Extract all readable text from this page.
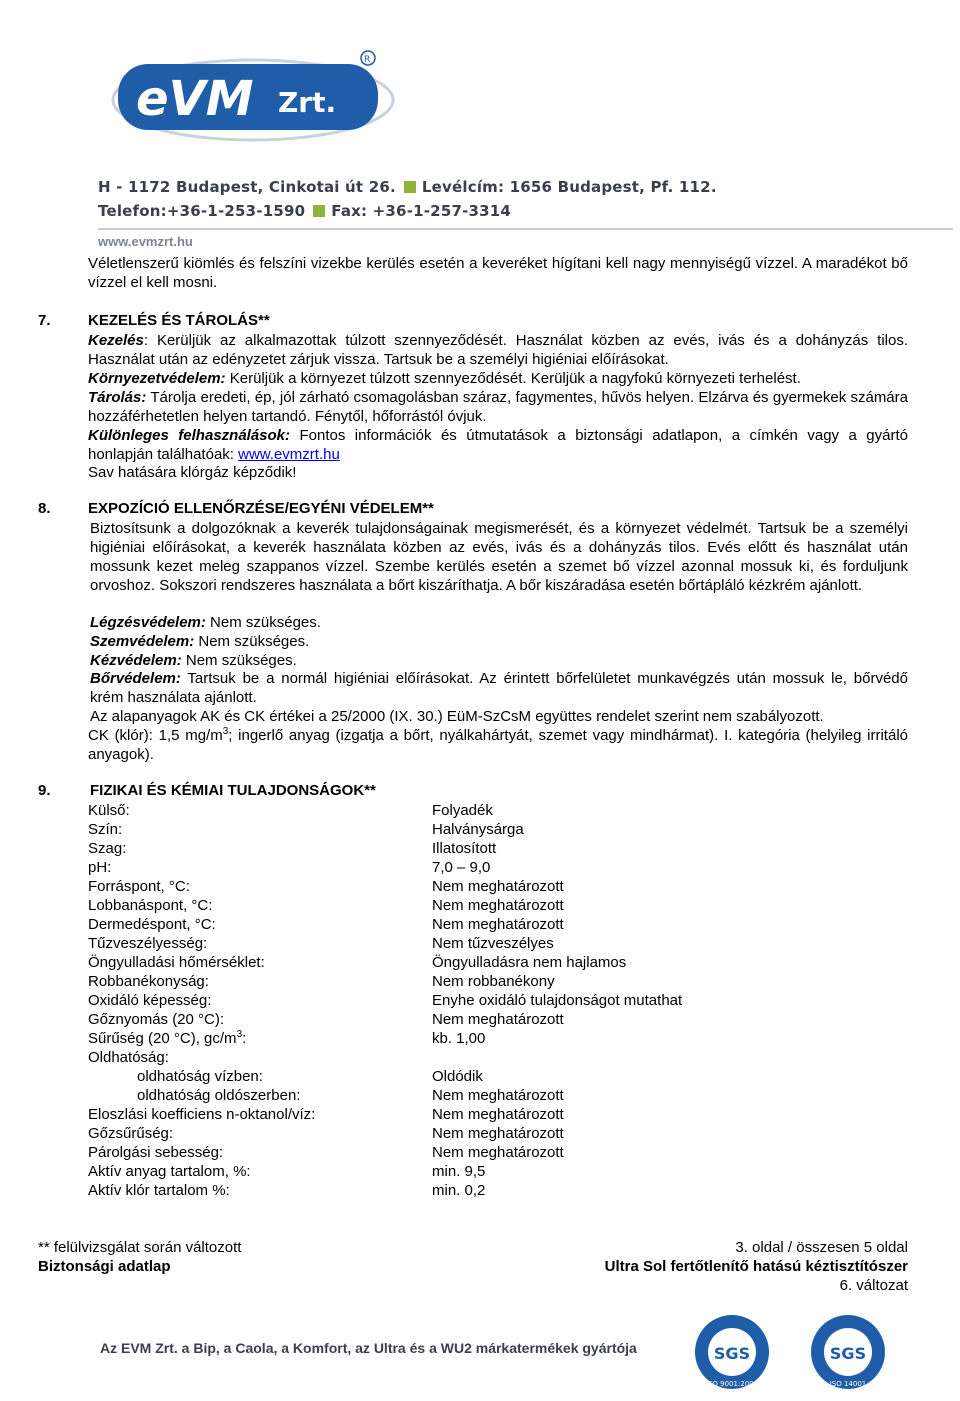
eVM Zrt.
R
H - 1172 Budapest, Cinkotai út 26. Levélcím: 1656 Budapest, Pf. 112.
Telefon:+36-1-253-1590 Fax: +36-1-257-3314
www.evmzrt.hu
Véletlenszerű kiömlés és felszíni vizekbe kerülés esetén a keveréket hígítani kell nagy mennyiségű vízzel. A maradékot bő vízzel el kell mosni.
7. KEZELÉS ÉS TÁROLÁS**
Kezelés: Kerüljük az alkalmazottak túlzott szennyeződését. Használat közben az evés, ivás és a dohányzás tilos. Használat után az edényzetet zárjuk vissza. Tartsuk be a személyi higiéniai előírásokat.
Környezetvédelem: Kerüljük a környezet túlzott szennyeződését. Kerüljük a nagyfokú környezeti terhelést.
Tárolás: Tárolja eredeti, ép, jól zárható csomagolásban száraz, fagymentes, hűvös helyen. Elzárva és gyermekek számára hozzáférhetetlen helyen tartandó. Fénytől, hőforrástól óvjuk.
Különleges felhasználások: Fontos információk és útmutatások a biztonsági adatlapon, a címkén vagy a gyártó honlapján találhatóak: www.evmzrt.hu
Sav hatására klórgáz képződik!
8. EXPOZÍCIÓ ELLENŐRZÉSE/EGYÉNI VÉDELEM**
Biztosítsunk a dolgozóknak a keverék tulajdonságainak megismerését, és a környezet védelmét. Tartsuk be a személyi higiéniai előírásokat, a keverék használata közben az evés, ivás és a dohányzás tilos. Evés előtt és használat után mossunk kezet meleg szappanos vízzel. Szembe kerülés esetén a szemet bő vízzel azonnal mossuk ki, és forduljunk orvoshoz. Sokszori rendszeres használata a bőrt kiszáríthatja. A bőr kiszáradása esetén bőrtápláló kézkrém ajánlott.
Légzésvédelem: Nem szükséges.
Szemvédelem: Nem szükséges.
Kézvédelem: Nem szükséges.
Bőrvédelem: Tartsuk be a normál higiéniai előírásokat. Az érintett bőrfelületet munkavégzés után mossuk le, bőrvédő krém használata ajánlott.
Az alapanyagok AK és CK értékei a 25/2000 (IX. 30.) EüM-SzCsM együttes rendelet szerint nem szabályozott.
CK (klór): 1,5 $mg/m^3$; ingerlő anyag (izgatja a bőrt, nyálkahártyát, szemet vagy mindhármat). I. kategória (helyileg irritáló anyagok).
9.	FIZIKAI ÉS KÉMIAI TULAJDONSÁGOK**
Külső:	Folyadék
Szín:	Halványsárga
Szag:	Illatosított
pH:	7,0 – 9,0
Forráspont, °C:	Nem meghatározott
Lobbanáspont, °C:	Nem meghatározott
Dermedéspont, °C:	Nem meghatározott
Tűzveszélyesség:	Nem tűzveszélyes
Öngyulladási hőmérséklet:	Öngyulladásra nem hajlamos
Robbanékonyság:	Nem robbanékony
Oxidáló képesség:	Enyhe oxidáló tulajdonságot mutathat
Gőznyomás (20 °C):	Nem meghatározott
Sűrűség (20 °C), $gc/m^3$:	kb. 1,00
Oldhatóság:
oldhatóság vízben:	Oldódik
oldhatóság oldószerben:	Nem meghatározott
Eloszlási koefficiens n-oktanol/víz:	Nem meghatározott
Gőzsűrűség:	Nem meghatározott
Párolgási sebesség:	Nem meghatározott
Aktív anyag tartalom, %:	min. 9,5
Aktív klór tartalom %:	min. 0,2
** felülvizsgálat során változott
Biztonsági adatlap
3. oldal / összesen 5 oldal
Ultra Sol fertőtlenítő hatású kéztisztítószer
6. változat
Az EVM Zrt. a Bip, a Caola, a Komfort, az Ultra és a WU2 márkatermékek gyártója	SGS
ISO 9001:2000
SGS
ISO 14001
